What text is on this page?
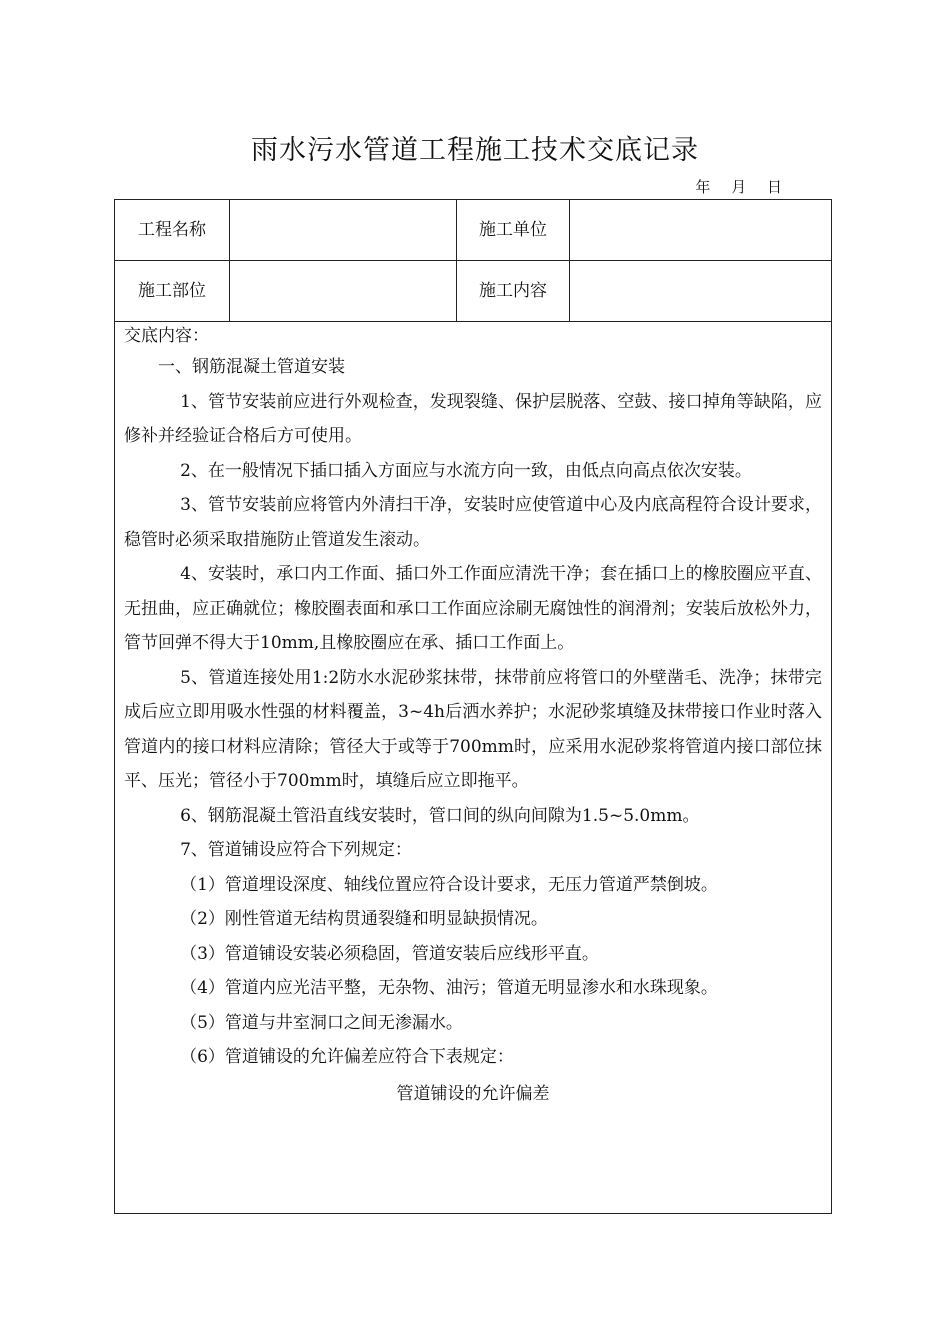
雨水污水管道工程施工技术交底记录
年 月 日
工程名称	施工单位
施工部位	施工内容

交底内容：

一、钢筋混凝土管道安装

1、管节安装前应进行外观检查，发现裂缝、保护层脱落、空鼓、接口掉角等缺陷，应修补并经验证合格后方可使用。

2、在一般情况下插口插入方面应与水流方向一致，由低点向高点依次安装。

3、管节安装前应将管内外清扫干净，安装时应使管道中心及内底高程符合设计要求，稳管时必须采取措施防止管道发生滚动。

4、安装时，承口内工作面、插口外工作面应清洗干净；套在插口上的橡胶圈应平直、无扭曲，应正确就位；橡胶圈表面和承口工作面应涂刷无腐蚀性的润滑剂；安装后放松外力，管节回弹不得大于10mm,且橡胶圈应在承、插口工作面上。

5、管道连接处用1:2防水水泥砂浆抹带，抹带前应将管口的外壁凿毛、洗净；抹带完成后应立即用吸水性强的材料覆盖，3~4h后洒水养护；水泥砂浆填缝及抹带接口作业时落入管道内的接口材料应清除；管径大于或等于700mm时，应采用水泥砂浆将管道内接口部位抹平、压光；管径小于700mm时，填缝后应立即拖平。

6、钢筋混凝土管沿直线安装时，管口间的纵向间隙为1.5~5.0mm。

7、管道铺设应符合下列规定：

（1）管道埋设深度、轴线位置应符合设计要求，无压力管道严禁倒坡。

（2）刚性管道无结构贯通裂缝和明显缺损情况。

（3）管道铺设安装必须稳固，管道安装后应线形平直。

（4）管道内应光洁平整，无杂物、油污；管道无明显渗水和水珠现象。

（5）管道与井室洞口之间无渗漏水。

（6）管道铺设的允许偏差应符合下表规定：

管道铺设的允许偏差
